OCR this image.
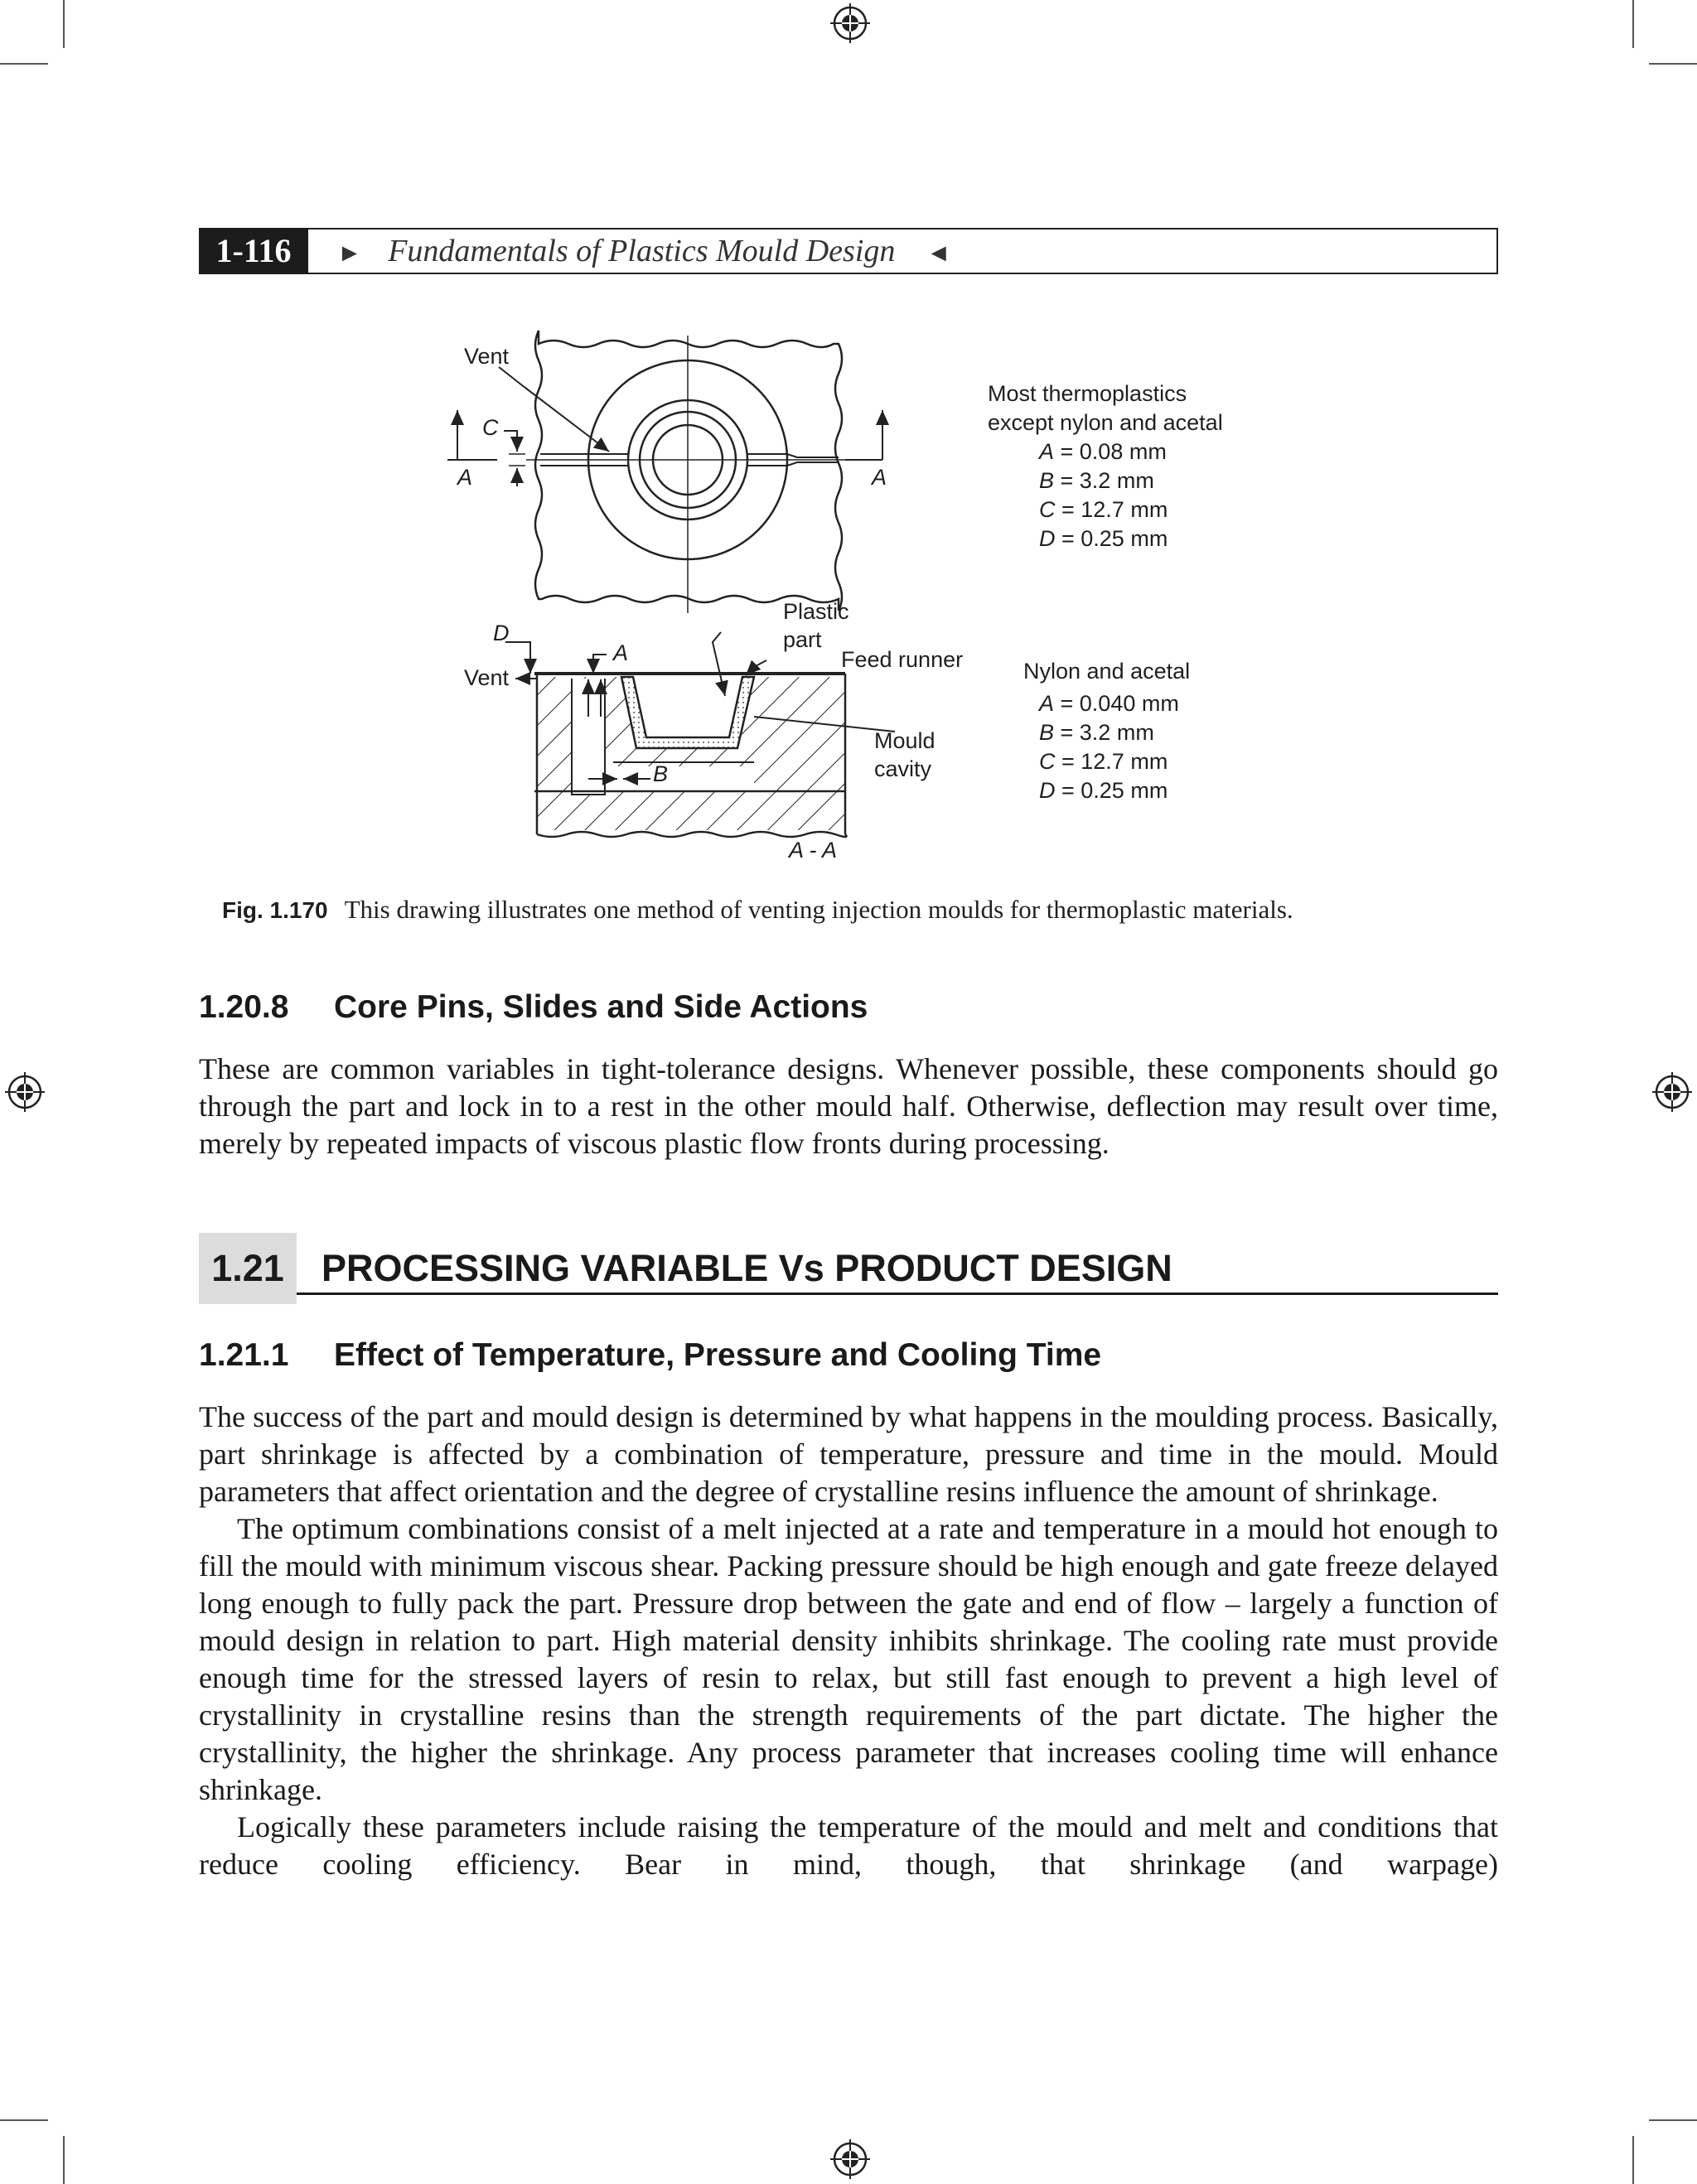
1-116	► Fundamentals of Plastics Mould Design ◄
Vent
C
A	A
Vent
D
A
Plastic
part
Feed runner
Mould
cavity
B
A - A
Most thermoplastics
except nylon and acetal
A = 0.08 mm
B = 3.2 mm
C = 12.7 mm
D = 0.25 mm
Nylon and acetal
A = 0.040 mm
B = 3.2 mm
C = 12.7 mm
D = 0.25 mm
Fig. 1.170 This drawing illustrates one method of venting injection moulds for thermoplastic materials.
1.20.8 Core Pins, Slides and Side Actions

These are common variables in tight-tolerance designs. Whenever possible, these components should go through the part and lock in to a rest in the other mould half. Otherwise, deflection may result over time, merely by repeated impacts of viscous plastic flow fronts during processing.

1.21	PROCESSING VARIABLE Vs PRODUCT DESIGN
1.21.1 Effect of Temperature, Pressure and Cooling Time

The success of the part and mould design is determined by what happens in the moulding process. Basically, part shrinkage is affected by a combination of temperature, pressure and time in the mould. Mould parameters that affect orientation and the degree of crystalline resins influence the amount of shrinkage.

The optimum combinations consist of a melt injected at a rate and temperature in a mould hot enough to fill the mould with minimum viscous shear. Packing pressure should be high enough and gate freeze delayed long enough to fully pack the part. Pressure drop between the gate and end of flow – largely a function of mould design in relation to part. High material density inhibits shrinkage. The cooling rate must provide enough time for the stressed layers of resin to relax, but still fast enough to prevent a high level of crystallinity in crystalline resins than the strength requirements of the part dictate. The higher the crystallinity, the higher the shrinkage. Any process parameter that increases cooling time will enhance shrinkage.

Logically these parameters include raising the temperature of the mould and melt and conditions that reduce cooling efficiency. Bear in mind, though, that shrinkage (and warpage)
